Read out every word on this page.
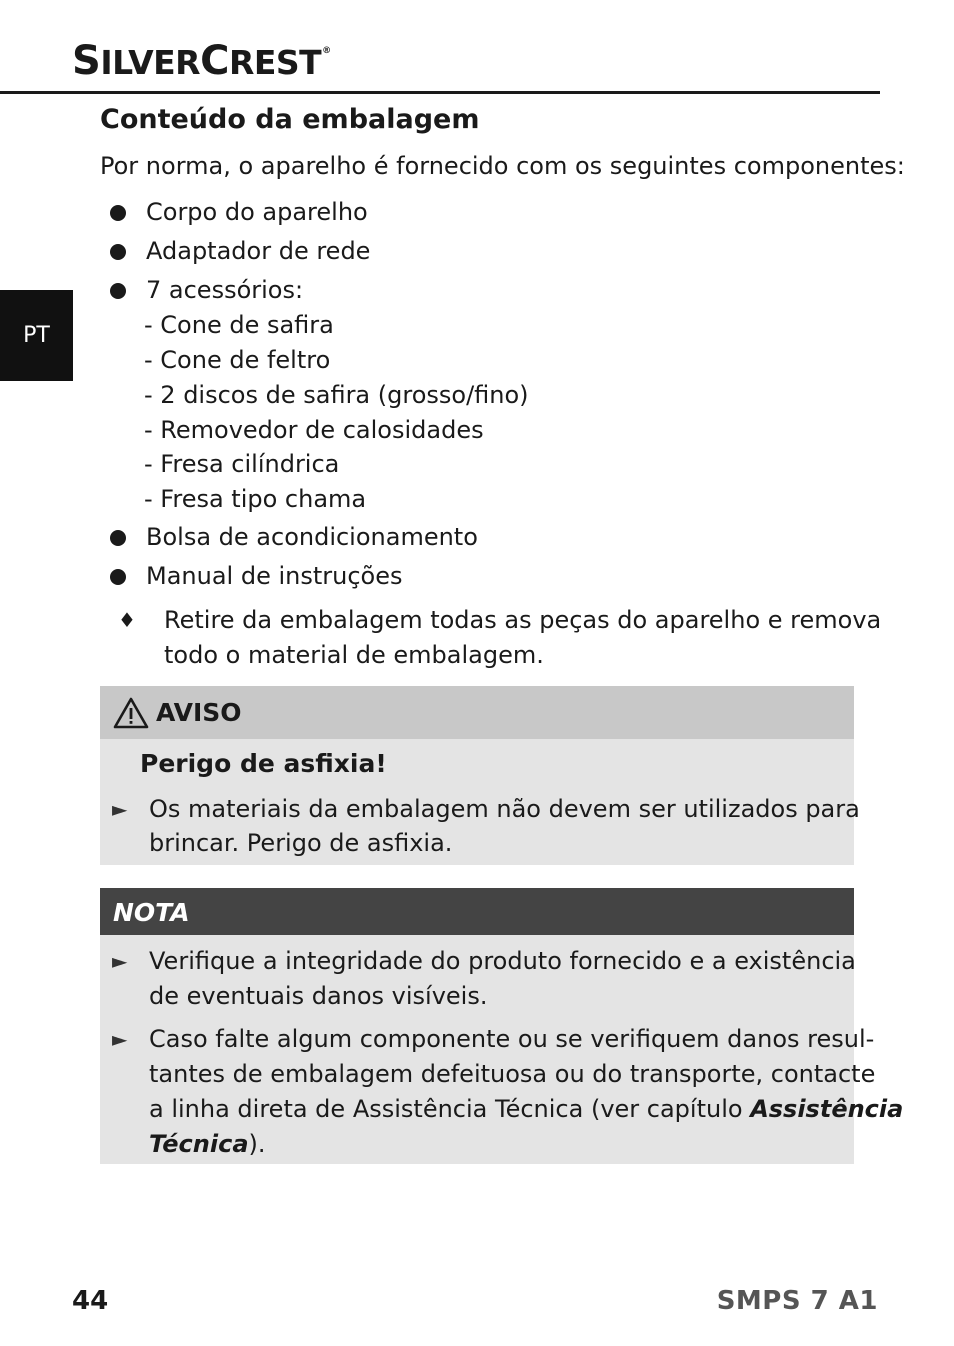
SILVERCREST®
PT
Conteúdo da embalagem

Por norma, o aparelho é fornecido com os seguintes componentes:

Corpo do aparelho
Adaptador de rede
7 acessórios:
- Cone de safira
- Cone de feltro
- 2 discos de safira (grosso/fino)
- Removedor de calosidades
- Fresa cilíndrica
- Fresa tipo chama
Bolsa de acondicionamento
Manual de instruções
♦ Retire da embalagem todas as peças do aparelho e remova
todo o material de embalagem.
AVISO
Perigo de asfixia!
► Os materiais da embalagem não devem ser utilizados para
brincar. Perigo de asfixia.
NOTA
► Verifique a integridade do produto fornecido e a existência
de eventuais danos visíveis.
► Caso falte algum componente ou se verifiquem danos resul-
tantes de embalagem defeituosa ou do transporte, contacte
a linha direta de Assistência Técnica (ver capítulo Assistência
Técnica).
44	SMPS 7 A1
